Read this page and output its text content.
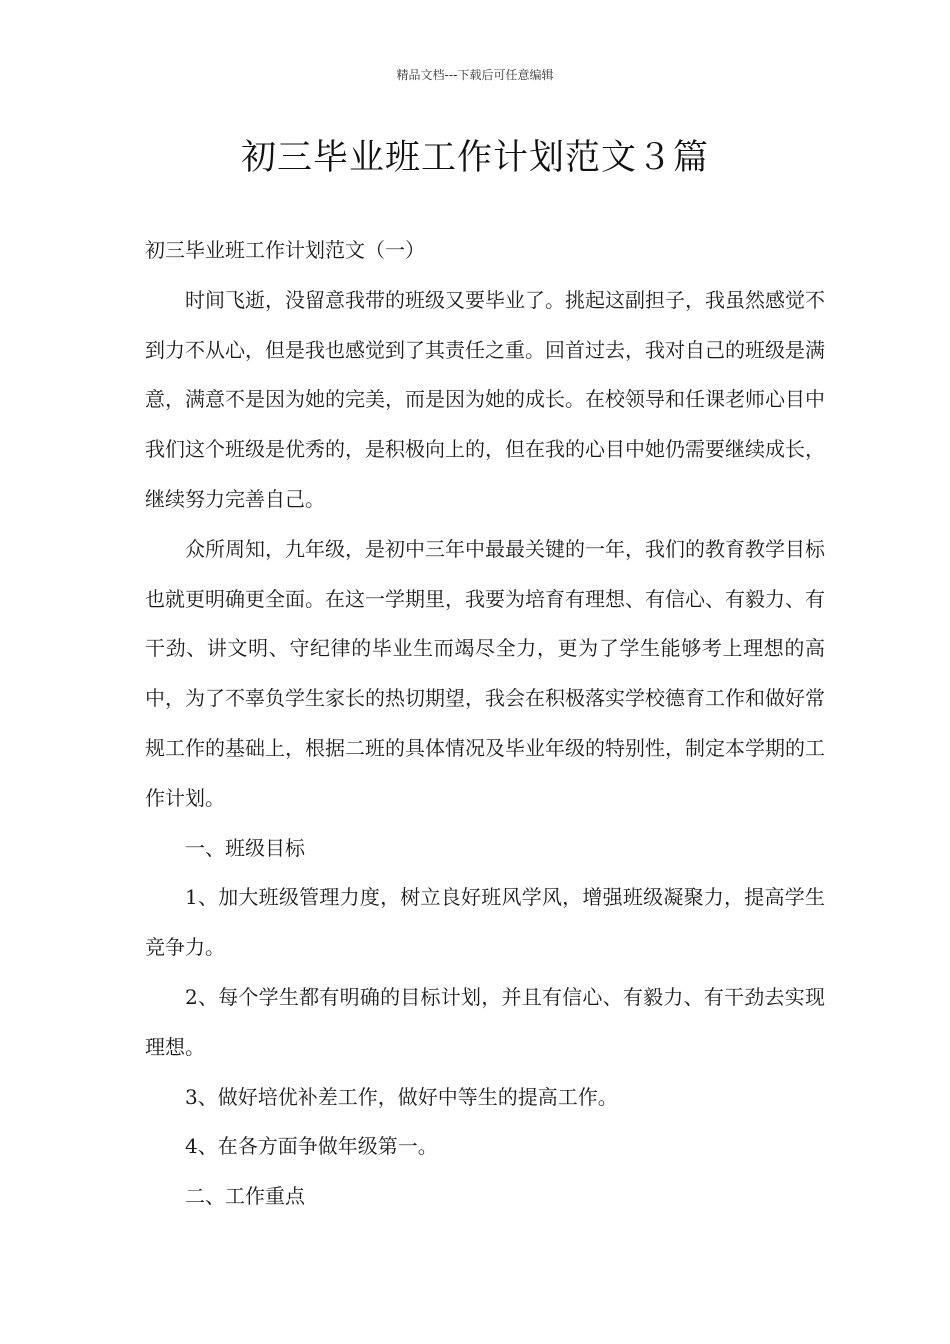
精品文档---下载后可任意编辑
初三毕业班工作计划范文３篇

初三毕业班工作计划范文（一）

时间飞逝，没留意我带的班级又要毕业了。挑起这副担子，我虽然感觉不到力不从心，但是我也感觉到了其责任之重。回首过去，我对自己的班级是满意，满意不是因为她的完美，而是因为她的成长。在校领导和任课老师心目中我们这个班级是优秀的，是积极向上的，但在我的心目中她仍需要继续成长，继续努力完善自己。

众所周知，九年级，是初中三年中最最关键的一年，我们的教育教学目标也就更明确更全面。在这一学期里，我要为培育有理想、有信心、有毅力、有干劲、讲文明、守纪律的毕业生而竭尽全力，更为了学生能够考上理想的高中，为了不辜负学生家长的热切期望，我会在积极落实学校德育工作和做好常规工作的基础上，根据二班的具体情况及毕业年级的特别性，制定本学期的工作计划。

一、班级目标

1、加大班级管理力度，树立良好班风学风，增强班级凝聚力，提高学生竞争力。

2、每个学生都有明确的目标计划，并且有信心、有毅力、有干劲去实现理想。

3、做好培优补差工作，做好中等生的提高工作。

4、在各方面争做年级第一。

二、工作重点
